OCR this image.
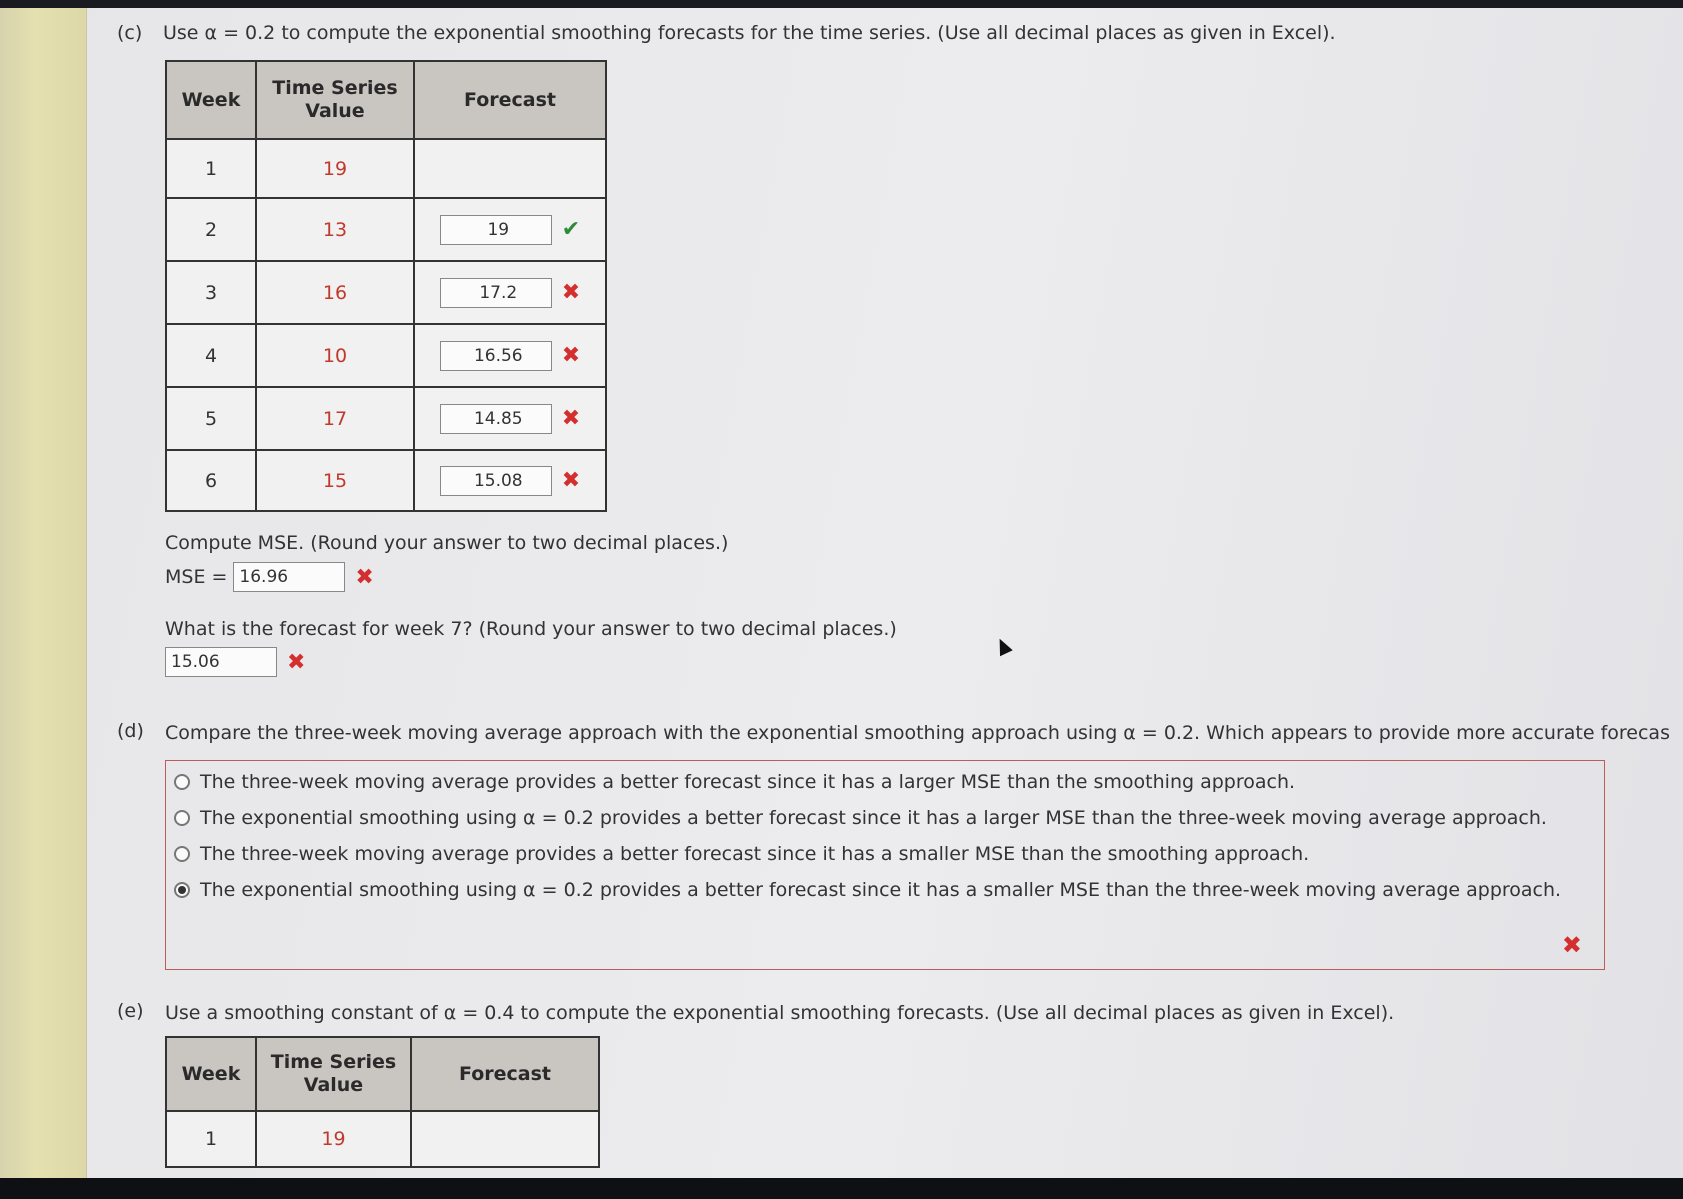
(c) Use α = 0.2 to compute the exponential smoothing forecasts for the time series. (Use all decimal places as given in Excel).
Week	Time Series Value	Forecast
1	19	
2	13	19 ✔
3	16	17.2 ✖
4	10	16.56 ✖
5	17	14.85 ✖
6	15	15.08 ✖
Compute MSE. (Round your answer to two decimal places.)
MSE = 16.96	✖
What is the forecast for week 7? (Round your answer to two decimal places.)
15.06	✖
(d) Compare the three-week moving average approach with the exponential smoothing approach using α = 0.2. Which appears to provide more accurate forecas
The three-week moving average provides a better forecast since it has a larger MSE than the smoothing approach.
The exponential smoothing using α = 0.2 provides a better forecast since it has a larger MSE than the three-week moving average approach.
The three-week moving average provides a better forecast since it has a smaller MSE than the smoothing approach.
The exponential smoothing using α = 0.2 provides a better forecast since it has a smaller MSE than the three-week moving average approach.
✖
(e) Use a smoothing constant of α = 0.4 to compute the exponential smoothing forecasts. (Use all decimal places as given in Excel).
Week	Time Series Value	Forecast
1	19	
